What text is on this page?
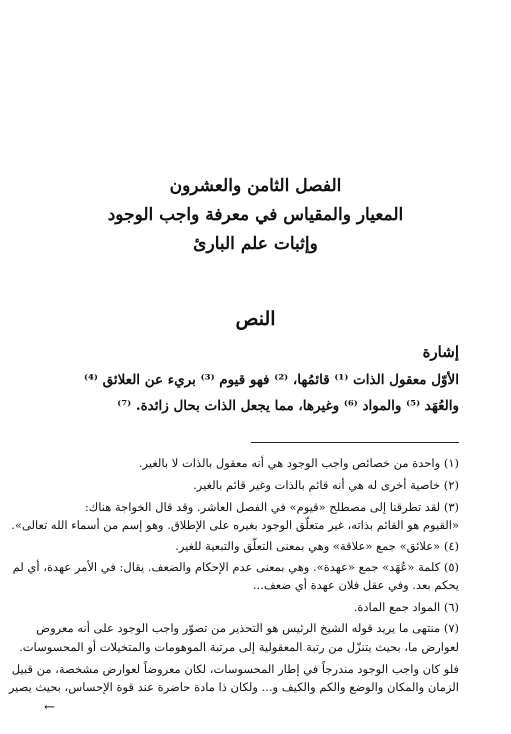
الفصل الثامن والعشرون
المعيار والمقياس في معرفة واجب الوجود
وإثبات علم البارئ
النص
إشارة
الأوّل معقول الذات ⁽¹⁾ قائمُها، ⁽²⁾ فهو قيوم ⁽³⁾ بريء عن العلائق ⁽⁴⁾
والعُهَد ⁽⁵⁾ والمواد ⁽⁶⁾ وغيرها، مما يجعل الذات بحال زائدة. ⁽⁷⁾
(١) واحدة من خصائص واجب الوجود هي أنه معقول بالذات لا بالغير.
(٢) خاصية أخرى له هي أنه قائم بالذات وغير قائم بالغير.
(٣) لقد تطرقنا إلى مصطلح «قيوم» في الفصل العاشر. وقد قال الخواجة هناك:
«القيوم هو القائم بذاته، غير متعلّق الوجود بغيره على الإطلاق. وهو إسم من أسماء الله تعالى».
(٤) «علائق» جمع «علاقة» وهي بمعنى التعلّق والتبعية للغير.
(٥) كلمة «عُهَد» جمع «عهدة». وهي بمعنى عدم الإحكام والضعف. يقال: في الأمر عهدة، أي لم
يحكم بعد. وفي عقل فلان عهدة أي ضعف...
(٦) المواد جمع المادة.
(٧) منتهى ما يريد قوله الشيخ الرئيس هو التحذير من تصوّر واجب الوجود على أنه معروض
لعوارض ما، بحيث يتنزّل من رتبة المعقولية إلى مرتبة الموهومات والمتخيلات أو المحسوسات.
فلو كان واجب الوجود مندرجاً في إطار المحسوسات، لكان معروضاً لعوارض مشخصة، من قبيل
الزمان والمكان والوضع والكم والكيف و... ولكان ذا مادة حاضرة عند قوة الإحساس، بحيث يصير
←
